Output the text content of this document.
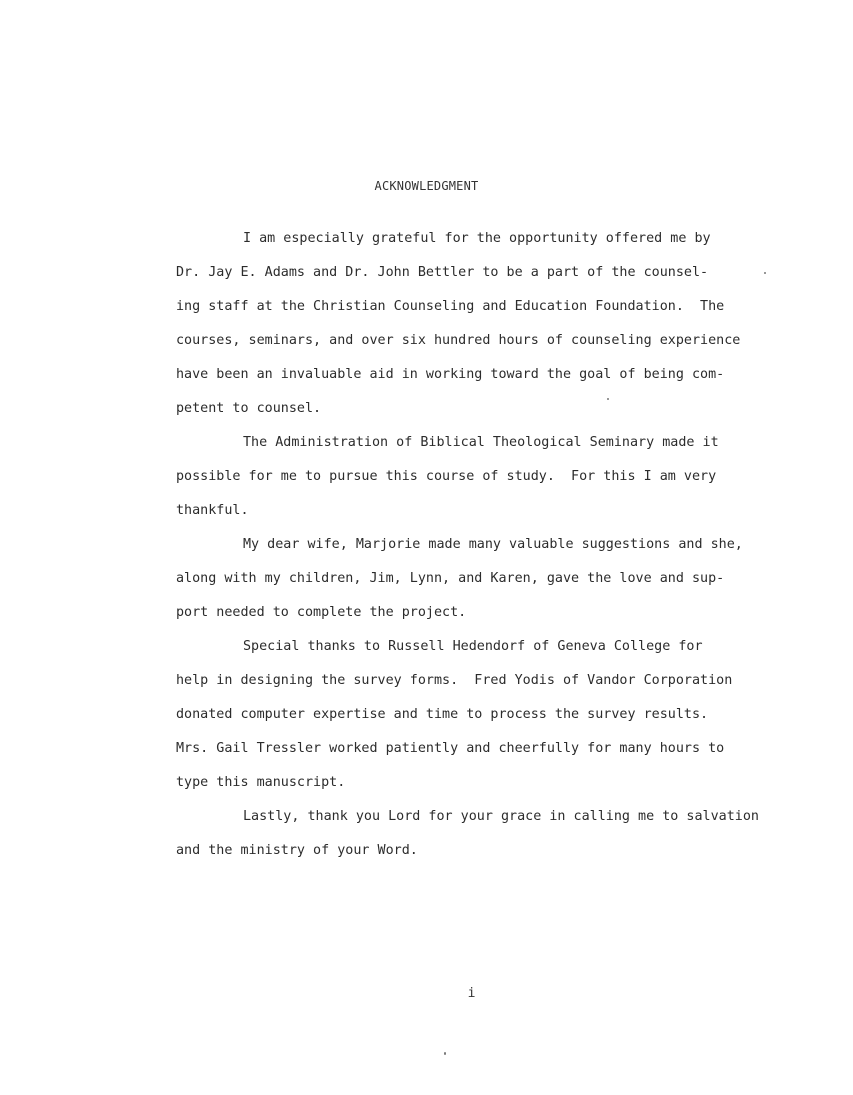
ACKNOWLEDGMENT
I am especially grateful for the opportunity offered me by
Dr. Jay E. Adams and Dr. John Bettler to be a part of the counsel-
ing staff at the Christian Counseling and Education Foundation.  The
courses, seminars, and over six hundred hours of counseling experience
have been an invaluable aid in working toward the goal of being com-
petent to counsel.
The Administration of Biblical Theological Seminary made it
possible for me to pursue this course of study.  For this I am very
thankful.
My dear wife, Marjorie made many valuable suggestions and she,
along with my children, Jim, Lynn, and Karen, gave the love and sup-
port needed to complete the project.
Special thanks to Russell Hedendorf of Geneva College for
help in designing the survey forms.  Fred Yodis of Vandor Corporation
donated computer expertise and time to process the survey results.
Mrs. Gail Tressler worked patiently and cheerfully for many hours to
type this manuscript.
Lastly, thank you Lord for your grace in calling me to salvation
and the ministry of your Word.
i
